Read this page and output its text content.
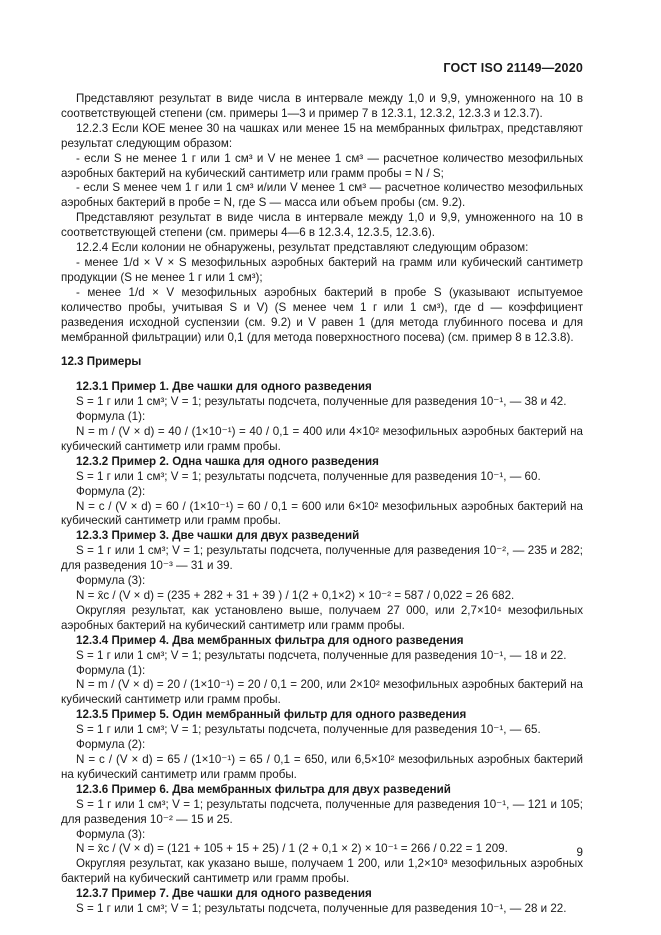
ГОСТ ISO 21149—2020

Представляют результат в виде числа в интервале между 1,0 и 9,9, умноженного на 10 в соответствующей степени (см. примеры 1—3 и пример 7 в 12.3.1, 12.3.2, 12.3.3 и 12.3.7).

12.2.3 Если КОЕ менее 30 на чашках или менее 15 на мембранных фильтрах, представляют результат следующим образом:

- если S не менее 1 г или 1 см³ и V не менее 1 см³ — расчетное количество мезофильных аэробных бактерий на кубический сантиметр или грамм пробы = N / S;

- если S менее чем 1 г или 1 см³ и/или V менее 1 см³ — расчетное количество мезофильных аэробных бактерий в пробе = N, где S — масса или объем пробы (см. 9.2).

Представляют результат в виде числа в интервале между 1,0 и 9,9, умноженного на 10 в соответствующей степени (см. примеры 4—6 в 12.3.4, 12.3.5, 12.3.6).

12.2.4 Если колонии не обнаружены, результат представляют следующим образом:

- менее 1/d × V × S мезофильных аэробных бактерий на грамм или кубический сантиметр продукции (S не менее 1 г или 1 см³);

- менее 1/d × V мезофильных аэробных бактерий в пробе S (указывают испытуемое количество пробы, учитывая S и V) (S менее чем 1 г или 1 см³), где d — коэффициент разведения исходной суспензии (см. 9.2) и V равен 1 (для метода глубинного посева и для мембранной фильтрации) или 0,1 (для метода поверхностного посева) (см. пример 8 в 12.3.8).

12.3 Примеры

12.3.1 Пример 1. Две чашки для одного разведения

S = 1 г или 1 см³; V = 1; результаты подсчета, полученные для разведения 10⁻¹, — 38 и 42.

Формула (1):

N = m / (V × d) = 40 / (1×10⁻¹) = 40 / 0,1 = 400 или 4×10² мезофильных аэробных бактерий на кубический сантиметр или грамм пробы.

12.3.2 Пример 2. Одна чашка для одного разведения

S = 1 г или 1 см³; V = 1; результаты подсчета, полученные для разведения 10⁻¹, — 60.

Формула (2):

N = c / (V × d) = 60 / (1×10⁻¹) = 60 / 0,1 = 600 или 6×10² мезофильных аэробных бактерий на кубический сантиметр или грамм пробы.

12.3.3 Пример 3. Две чашки для двух разведений

S = 1 г или 1 см³; V = 1; результаты подсчета, полученные для разведения 10⁻², — 235 и 282; для разведения 10⁻³ — 31 и 39.

Формула (3):

N = x̄c / (V × d) = (235 + 282 + 31 + 39 ) / 1(2 + 0,1×2) × 10⁻² = 587 / 0,022 = 26 682.

Округляя результат, как установлено выше, получаем 27 000, или 2,7×10⁴ мезофильных аэробных бактерий на кубический сантиметр или грамм пробы.

12.3.4 Пример 4. Два мембранных фильтра для одного разведения

S = 1 г или 1 см³; V = 1; результаты подсчета, полученные для разведения 10⁻¹, — 18 и 22.

Формула (1):

N = m / (V × d) = 20 / (1×10⁻¹) = 20 / 0,1 = 200, или 2×10² мезофильных аэробных бактерий на кубический сантиметр или грамм пробы.

12.3.5 Пример 5. Один мембранный фильтр для одного разведения

S = 1 г или 1 см³; V = 1; результаты подсчета, полученные для разведения 10⁻¹, — 65.

Формула (2):

N = c / (V × d) = 65 / (1×10⁻¹) = 65 / 0,1 = 650, или 6,5×10² мезофильных аэробных бактерий на кубический сантиметр или грамм пробы.

12.3.6 Пример 6. Два мембранных фильтра для двух разведений

S = 1 г или 1 см³; V = 1; результаты подсчета, полученные для разведения 10⁻¹, — 121 и 105; для разведения 10⁻² — 15 и 25.

Формула (3):

N = x̄c / (V × d) = (121 + 105 + 15 + 25) / 1 (2 + 0,1 × 2) × 10⁻¹ = 266 / 0.22 = 1 209.

Округляя результат, как указано выше, получаем 1 200, или 1,2×10³ мезофильных аэробных бактерий на кубический сантиметр или грамм пробы.

12.3.7 Пример 7. Две чашки для одного разведения

S = 1 г или 1 см³; V = 1; результаты подсчета, полученные для разведения 10⁻¹, — 28 и 22.

9
